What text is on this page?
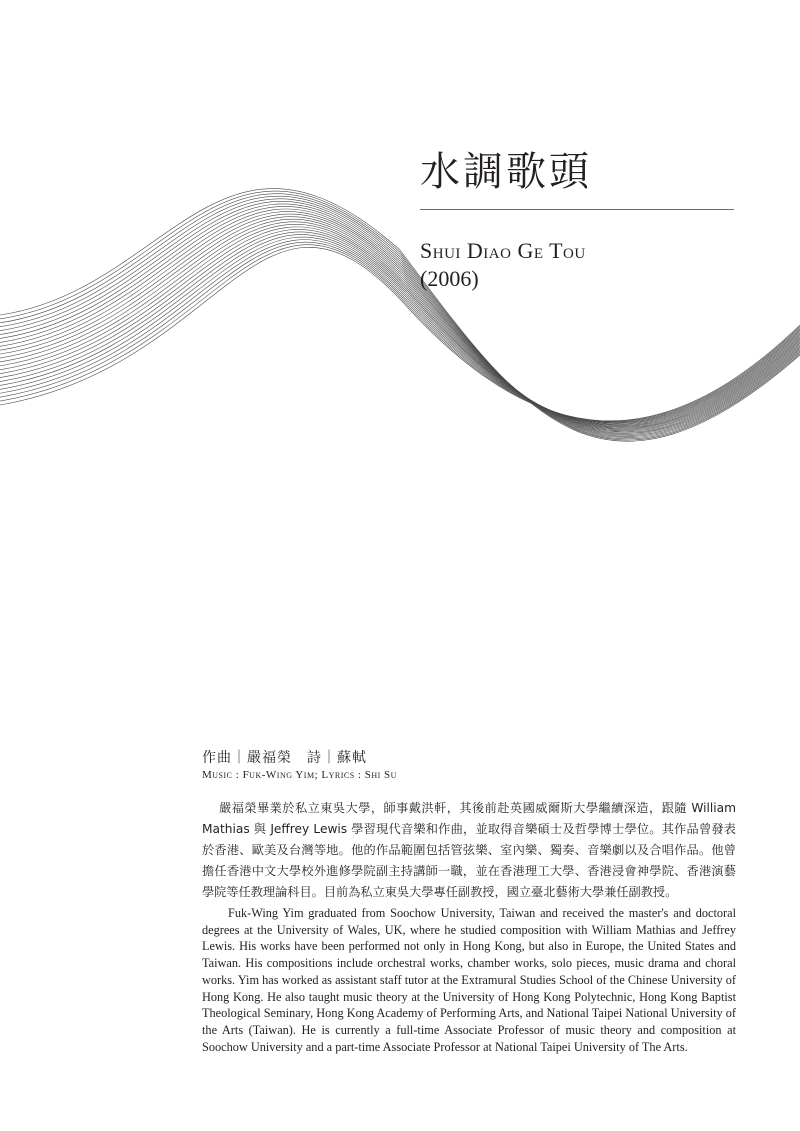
水調歌頭
Shui Diao Ge Tou

(2006)

作曲｜嚴福榮　詩｜蘇軾

Music : Fuk-Wing Yim; Lyrics : Shi Su

嚴福榮畢業於私立東吳大學，師事戴洪軒，其後前赴英國威爾斯大學繼續深造，跟隨 William Mathias 與 Jeffrey Lewis 學習現代音樂和作曲，並取得音樂碩士及哲學博士學位。其作品曾發表於香港、歐美及台灣等地。他的作品範圍包括管弦樂、室內樂、獨奏、音樂劇以及合唱作品。他曾擔任香港中文大學校外進修學院副主持講師一職，並在香港理工大學、香港浸會神學院、香港演藝學院等任教理論科目。目前為私立東吳大學專任副教授，國立臺北藝術大學兼任副教授。

Fuk-Wing Yim graduated from Soochow University, Taiwan and received the master's and doctoral degrees at the University of Wales, UK, where he studied composition with William Mathias and Jeffrey Lewis. His works have been performed not only in Hong Kong, but also in Europe, the United States and Taiwan. His compositions include orchestral works, chamber works, solo pieces, music drama and choral works. Yim has worked as assistant staff tutor at the Extramural Studies School of the Chinese University of Hong Kong. He also taught music theory at the University of Hong Kong Polytechnic, Hong Kong Baptist Theological Seminary, Hong Kong Academy of Performing Arts, and National Taipei National University of the Arts (Taiwan). He is currently a full-time Associate Professor of music theory and composition at Soochow University and a part-time Associate Professor at National Taipei University of The Arts.
